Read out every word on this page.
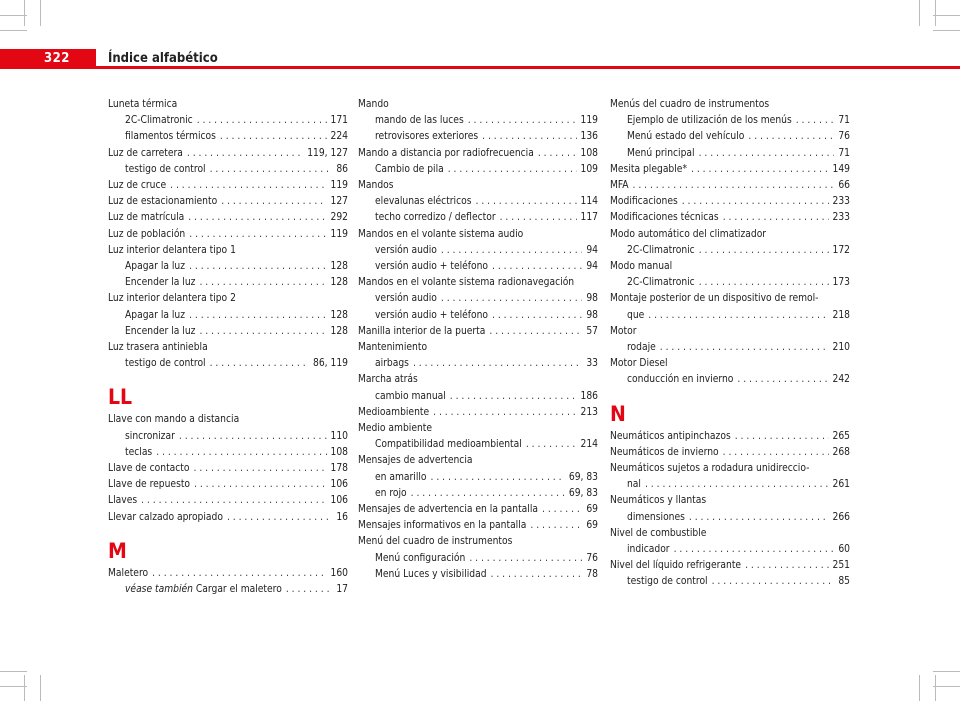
322	Índice alfabético
Luneta térmica
2C-Climatronic . . .	171
filamentos térmicos . . .	224
Luz de carretera . . .	119, 127
testigo de control . . .	86
Luz de cruce . . .	119
Luz de estacionamiento . . .	127
Luz de matrícula . . .	292
Luz de población . . .	119
Luz interior delantera tipo 1
Apagar la luz . . .	128
Encender la luz . . .	128
Luz interior delantera tipo 2
Apagar la luz . . .	128
Encender la luz . . .	128
Luz trasera antiniebla
testigo de control . . .	86, 119
LL
Llave con mando a distancia
sincronizar . . .	110
teclas . . .	108
Llave de contacto . . .	178
Llave de repuesto . . .	106
Llaves . . .	106
Llevar calzado apropiado . . .	16
M
Maletero . . .	160
véase también Cargar el maletero . . .	17
Mando
mando de las luces . . .	119
retrovisores exteriores . . .	136
Mando a distancia por radiofrecuencia . . .	108
Cambio de pila . . .	109
Mandos
elevalunas eléctricos . . .	114
techo corredizo / deflector . . .	117
Mandos en el volante sistema audio
versión audio . . .	94
versión audio + teléfono . . .	94
Mandos en el volante sistema radionavegación
versión audio . . .	98
versión audio + teléfono . . .	98
Manilla interior de la puerta . . .	57
Mantenimiento
airbags . . .	33
Marcha atrás
cambio manual . . .	186
Medioambiente . . .	213
Medio ambiente
Compatibilidad medioambiental . . .	214
Mensajes de advertencia
en amarillo . . .	69, 83
en rojo . . .	69, 83
Mensajes de advertencia en la pantalla . . .	69
Mensajes informativos en la pantalla . . .	69
Menú del cuadro de instrumentos
Menú configuración . . .	76
Menú Luces y visibilidad . . .	78
Menús del cuadro de instrumentos
Ejemplo de utilización de los menús . . .	71
Menú estado del vehículo . . .	76
Menú principal . . .	71
Mesita plegable* . . .	149
MFA . . .	66
Modificaciones . . .	233
Modificaciones técnicas . . .	233
Modo automático del climatizador
2C-Climatronic . . .	172
Modo manual
2C-Climatronic . . .	173
Montaje posterior de un dispositivo de remol-
que . . .	218
Motor
rodaje . . .	210
Motor Diesel
conducción en invierno . . .	242
N
Neumáticos antipinchazos . . .	265
Neumáticos de invierno . . .	268
Neumáticos sujetos a rodadura unidireccio-
nal . . .	261
Neumáticos y llantas
dimensiones . . .	266
Nivel de combustible
indicador . . .	60
Nivel del líquido refrigerante . . .	251
testigo de control . . .	85
